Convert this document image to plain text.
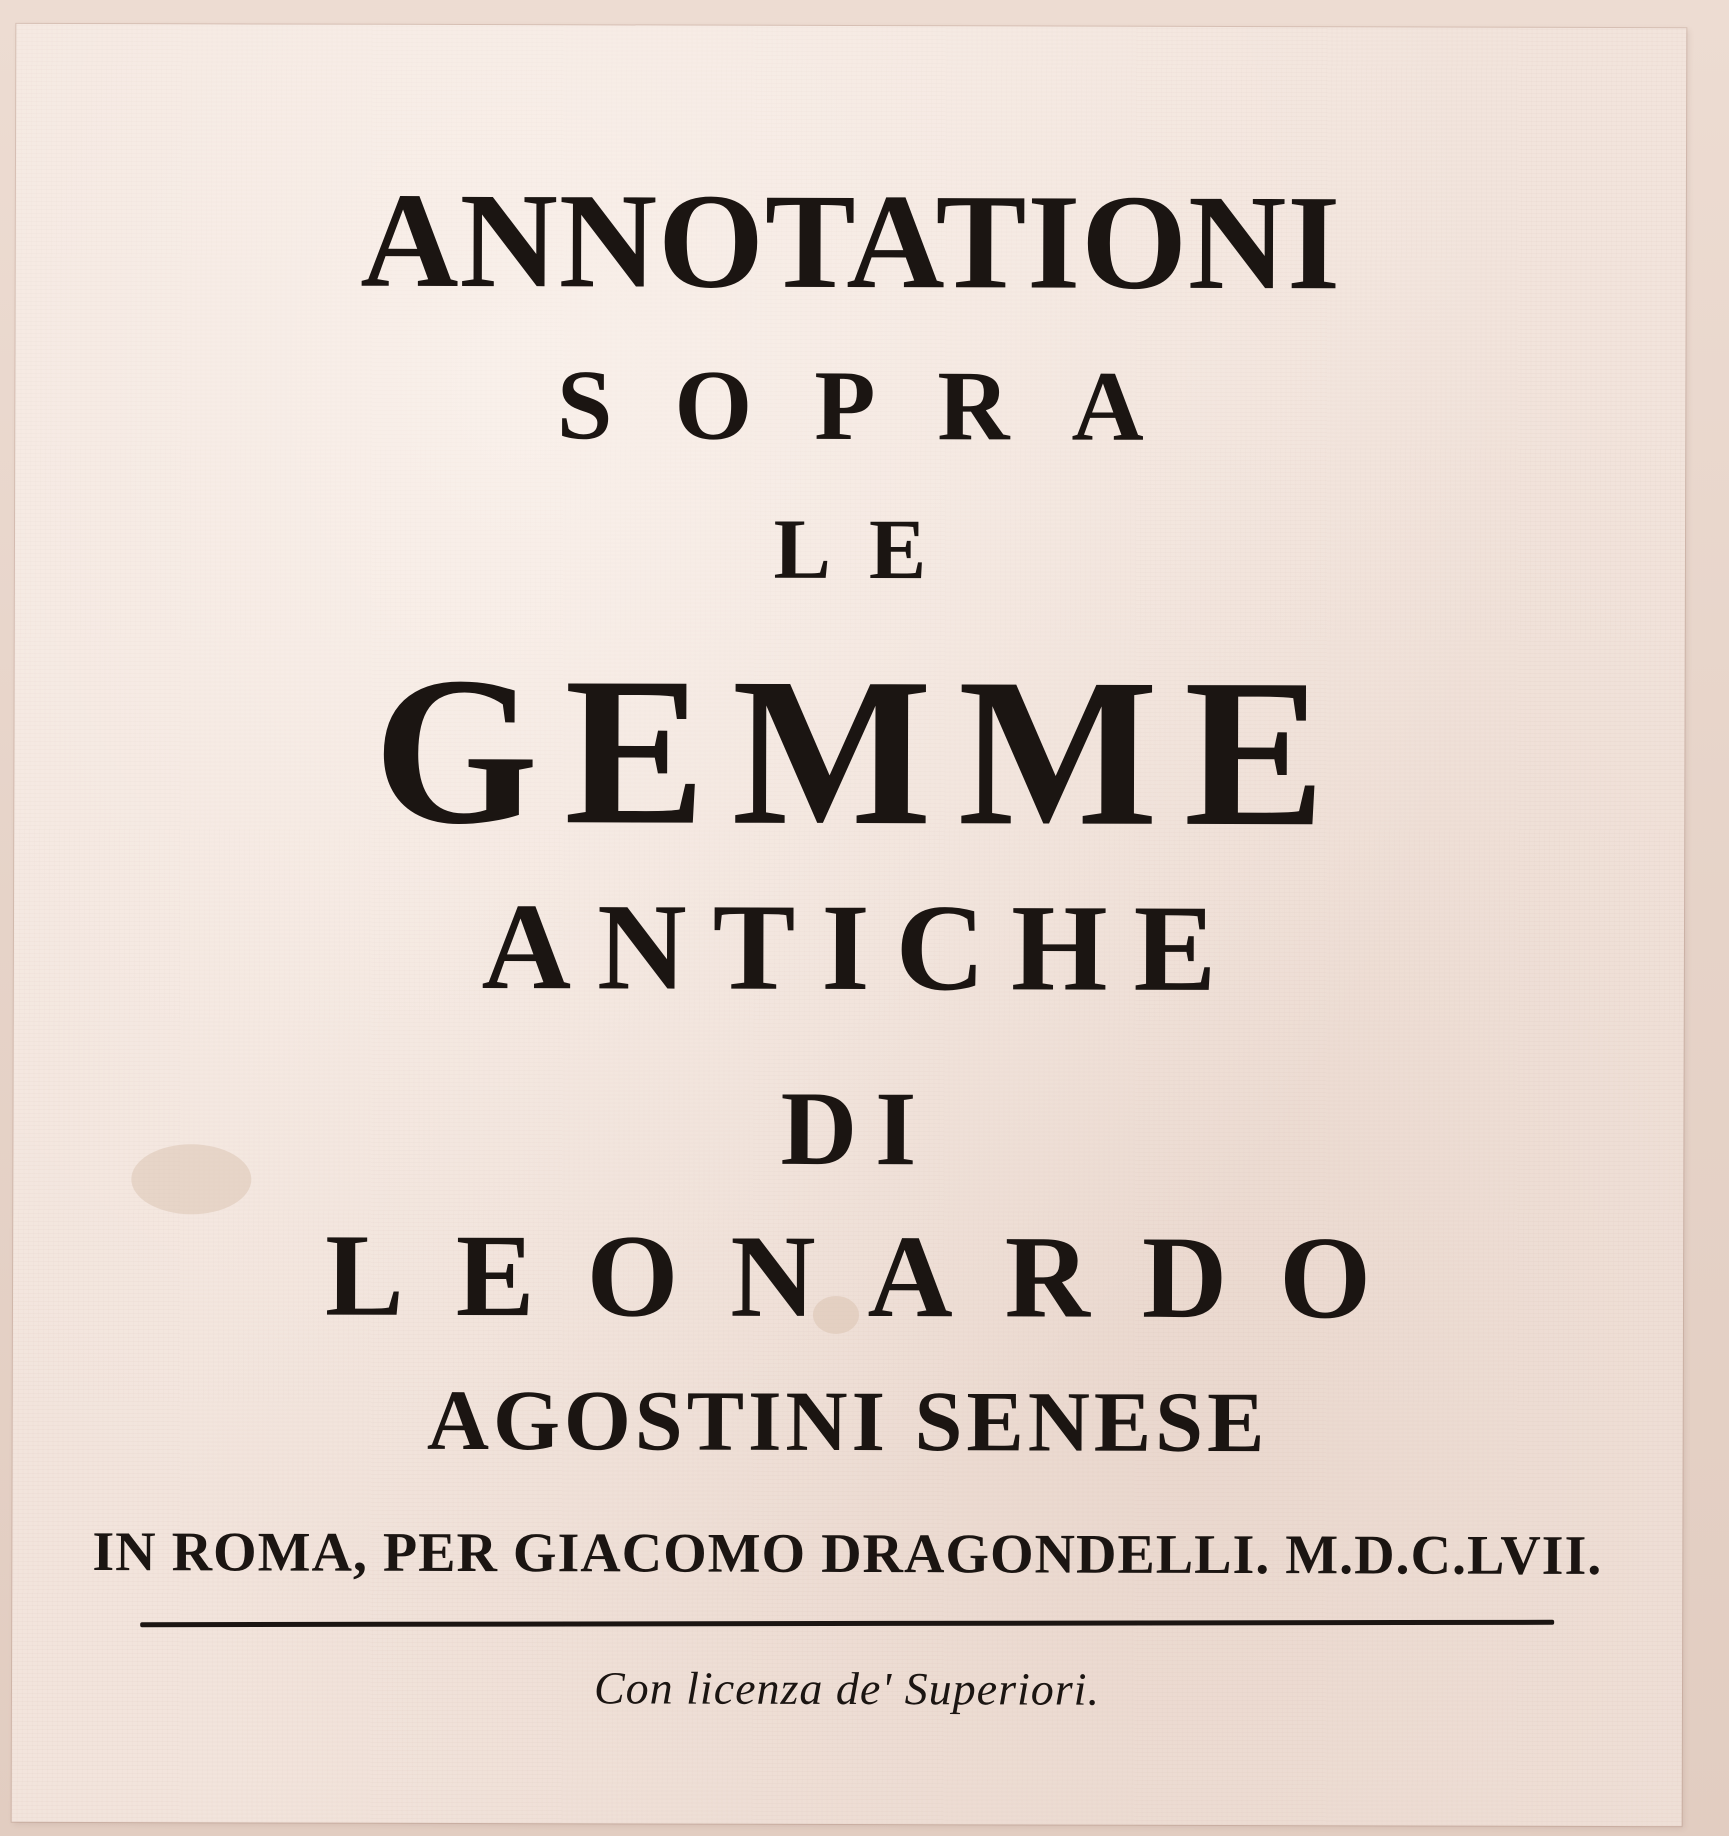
ANNOTATIONI
SOPRA
LE
GEMME
ANTICHE
DI
LEONARDO
AGOSTINI SENESE
IN ROMA, PER GIACOMO DRAGONDELLI. M.D.C.LVII.
Con licenza de' Superiori.
